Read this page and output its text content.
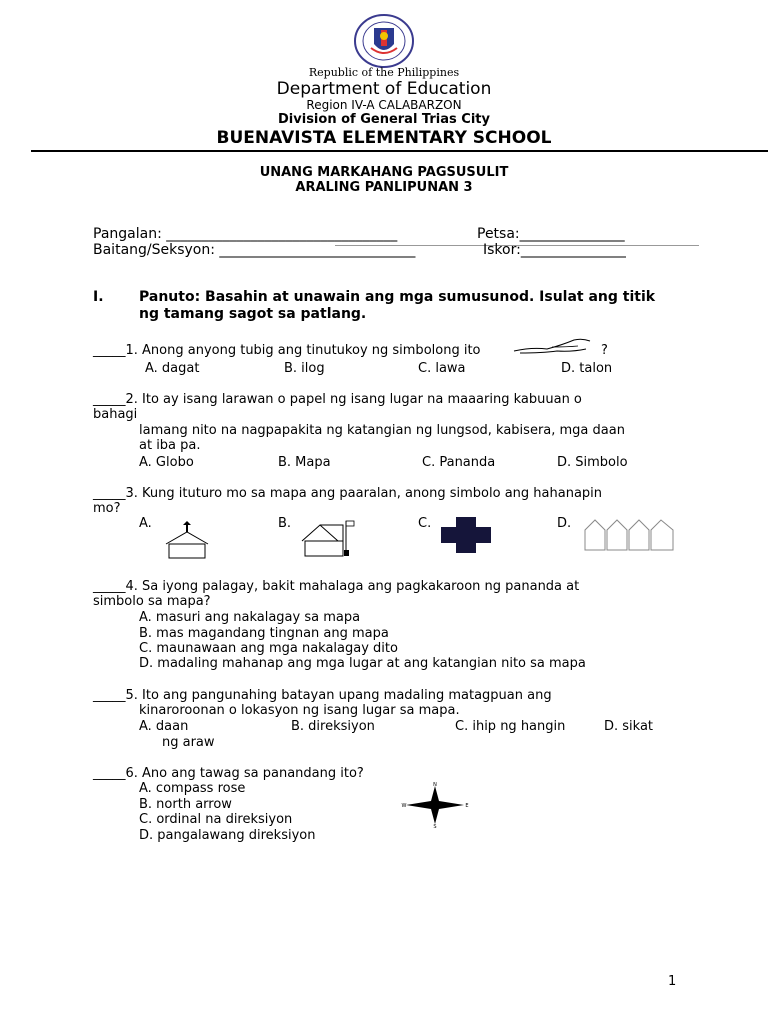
Republic of the Philippines
Department of Education
Region IV-A CALABARZON
Division of General Trias City
BUENAVISTA ELEMENTARY SCHOOL
UNANG MARKAHANG PAGSUSULIT
ARALING PANLIPUNAN 3
Pangalan: _________________________________	Petsa:_______________
Baitang/Seksyon: ____________________________	Iskor:_______________
I.	Panuto: Basahin at unawain ang mga sumusunod. Isulat ang titik
ng tamang sagot sa patlang.
_____1. Anong anyong tubig ang tinutukoy ng simbolong ito	?
A. dagat	B. ilog	C. lawa	D. talon
_____2. Ito ay isang larawan o papel ng isang lugar na maaaring kabuuan o
bahagi
lamang nito na nagpapakita ng katangian ng lungsod, kabisera, mga daan
at iba pa.
A. Globo	B. Mapa	C. Pananda	D. Simbolo
_____3. Kung ituturo mo sa mapa ang paaralan, anong simbolo ang hahanapin
mo?
A.	B.	C.	D.
_____4. Sa iyong palagay, bakit mahalaga ang pagkakaroon ng pananda at
simbolo sa mapa?
A. masuri ang nakalagay sa mapa
B. mas magandang tingnan ang mapa
C. maunawaan ang mga nakalagay dito
D. madaling mahanap ang mga lugar at ang katangian nito sa mapa
_____5. Ito ang pangunahing batayan upang madaling matagpuan ang
kinaroroonan o lokasyon ng isang lugar sa mapa.
A. daan	B. direksiyon	C. ihip ng hangin	D. sikat
ng araw
_____6. Ano ang tawag sa panandang ito?
A. compass rose
B. north arrow
C. ordinal na direksiyon
D. pangalawang direksiyon
N
S
E
W
1
